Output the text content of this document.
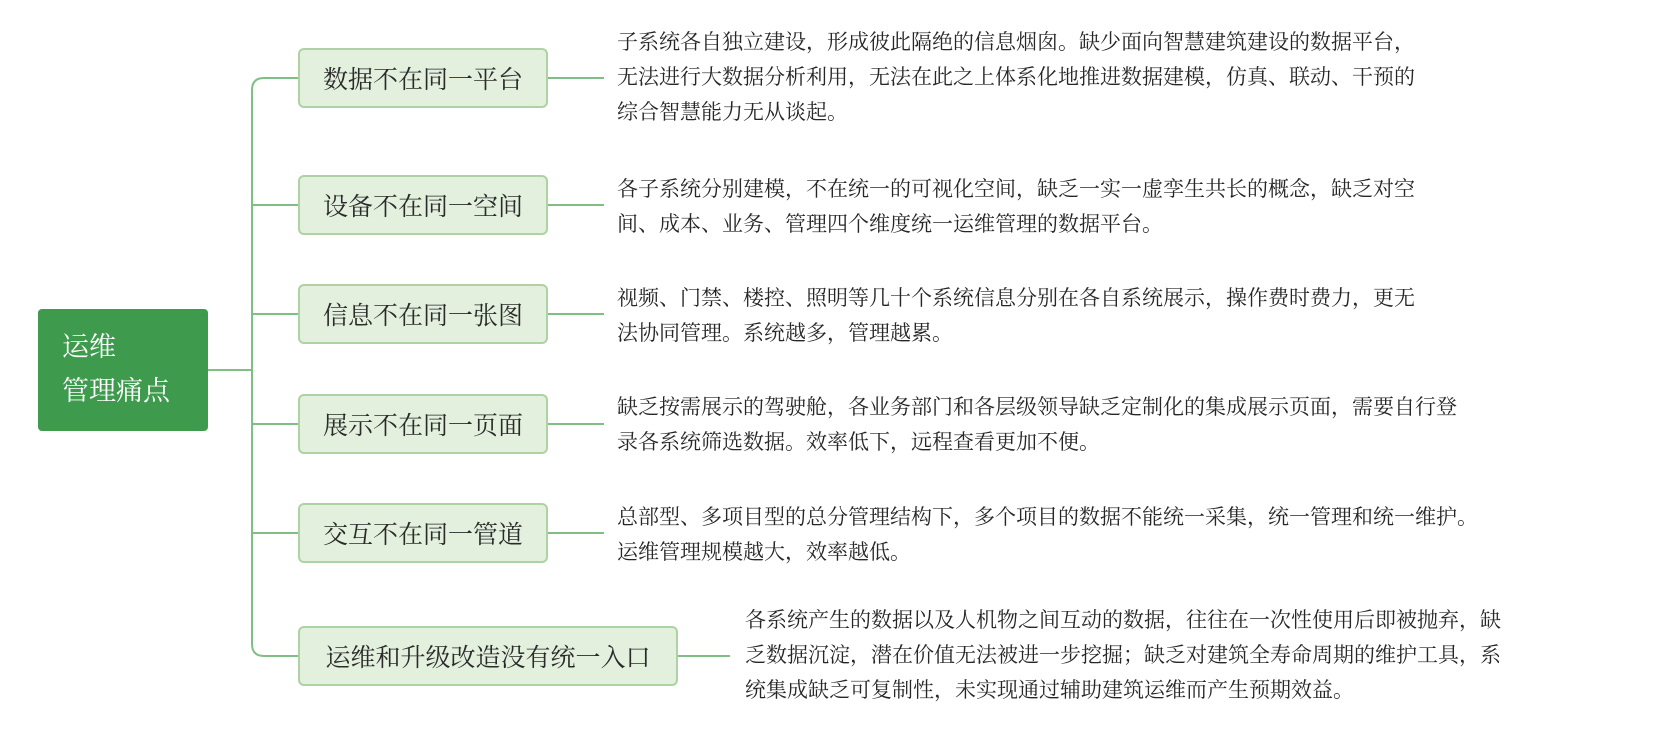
运维
管理痛点
数据不在同一平台
子系统各自独立建设，形成彼此隔绝的信息烟囱。缺少面向智慧建筑建设的数据平台，
无法进行大数据分析利用，无法在此之上体系化地推进数据建模，仿真、联动、干预的
综合智慧能力无从谈起。
设备不在同一空间
各子系统分别建模，不在统一的可视化空间，缺乏一实一虚孪生共长的概念，缺乏对空
间、成本、业务、管理四个维度统一运维管理的数据平台。
信息不在同一张图
视频、门禁、楼控、照明等几十个系统信息分别在各自系统展示，操作费时费力，更无
法协同管理。系统越多，管理越累。
展示不在同一页面
缺乏按需展示的驾驶舱，各业务部门和各层级领导缺乏定制化的集成展示页面，需要自行登
录各系统筛选数据。效率低下，远程查看更加不便。
交互不在同一管道
总部型、多项目型的总分管理结构下，多个项目的数据不能统一采集，统一管理和统一维护。
运维管理规模越大，效率越低。
运维和升级改造没有统一入口
各系统产生的数据以及人机物之间互动的数据，往往在一次性使用后即被抛弃，缺
乏数据沉淀，潜在价值无法被进一步挖掘；缺乏对建筑全寿命周期的维护工具，系
统集成缺乏可复制性，未实现通过辅助建筑运维而产生预期效益。
